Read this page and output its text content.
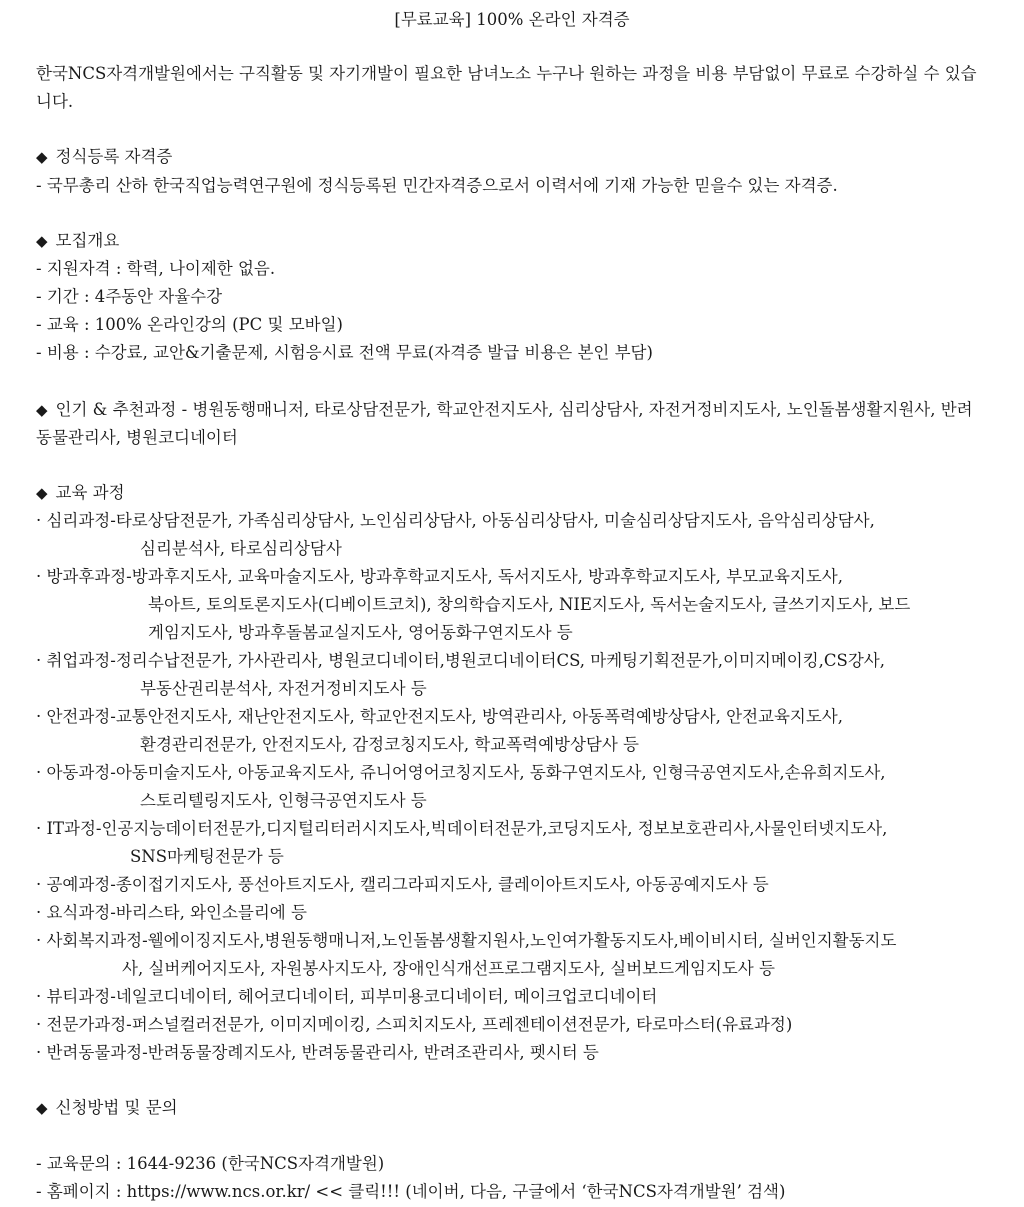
[무료교육] 100% 온라인 자격증
한국NCS자격개발원에서는 구직활동 및 자기개발이 필요한 남녀노소 누구나 원하는 과정을 비용 부담없이 무료로 수강하실 수 있습니다.
◆ 정식등록 자격증
- 국무총리 산하 한국직업능력연구원에 정식등록된 민간자격증으로서 이력서에 기재 가능한 믿을수 있는 자격증.
◆ 모집개요
- 지원자격 : 학력, 나이제한 없음.
- 기간 : 4주동안 자율수강
- 교육 : 100% 온라인강의 (PC 및 모바일)
- 비용 : 수강료, 교안&기출문제, 시험응시료 전액 무료(자격증 발급 비용은 본인 부담)
◆ 인기 & 추천과정 - 병원동행매니저, 타로상담전문가, 학교안전지도사, 심리상담사, 자전거정비지도사, 노인돌봄생활지원사, 반려동물관리사, 병원코디네이터
◆ 교육 과정
· 심리과정-타로상담전문가, 가족심리상담사, 노인심리상담사, 아동심리상담사, 미술심리상담지도사, 음악심리상담사,
심리분석사, 타로심리상담사
· 방과후과정-방과후지도사, 교육마술지도사, 방과후학교지도사, 독서지도사, 방과후학교지도사, 부모교육지도사,
북아트, 토의토론지도사(디베이트코치), 창의학습지도사, NIE지도사, 독서논술지도사, 글쓰기지도사, 보드
게임지도사, 방과후돌봄교실지도사, 영어동화구연지도사 등
· 취업과정-정리수납전문가, 가사관리사, 병원코디네이터,병원코디네이터CS, 마케팅기획전문가,이미지메이킹,CS강사,
부동산권리분석사, 자전거정비지도사 등
· 안전과정-교통안전지도사, 재난안전지도사, 학교안전지도사, 방역관리사, 아동폭력예방상담사, 안전교육지도사,
환경관리전문가, 안전지도사, 감정코칭지도사, 학교폭력예방상담사 등
· 아동과정-아동미술지도사, 아동교육지도사, 쥬니어영어코칭지도사, 동화구연지도사, 인형극공연지도사,손유희지도사,
스토리텔링지도사, 인형극공연지도사 등
· IT과정-인공지능데이터전문가,디지털리터러시지도사,빅데이터전문가,코딩지도사, 정보보호관리사,사물인터넷지도사,
SNS마케팅전문가 등
· 공예과정-종이접기지도사, 풍선아트지도사, 캘리그라피지도사, 클레이아트지도사, 아동공예지도사 등
· 요식과정-바리스타, 와인소믈리에 등
· 사회복지과정-웰에이징지도사,병원동행매니저,노인돌봄생활지원사,노인여가활동지도사,베이비시터, 실버인지활동지도
사, 실버케어지도사, 자원봉사지도사, 장애인식개선프로그램지도사, 실버보드게임지도사 등
· 뷰티과정-네일코디네이터, 헤어코디네이터, 피부미용코디네이터, 메이크업코디네이터
· 전문가과정-퍼스널컬러전문가, 이미지메이킹, 스피치지도사, 프레젠테이션전문가, 타로마스터(유료과정)
· 반려동물과정-반려동물장례지도사, 반려동물관리사, 반려조관리사, 펫시터 등
◆ 신청방법 및 문의
- 교육문의 : 1644-9236 (한국NCS자격개발원)
- 홈페이지 : https://www.ncs.or.kr/ << 클릭!!! (네이버, 다음, 구글에서 ‘한국NCS자격개발원’ 검색)
